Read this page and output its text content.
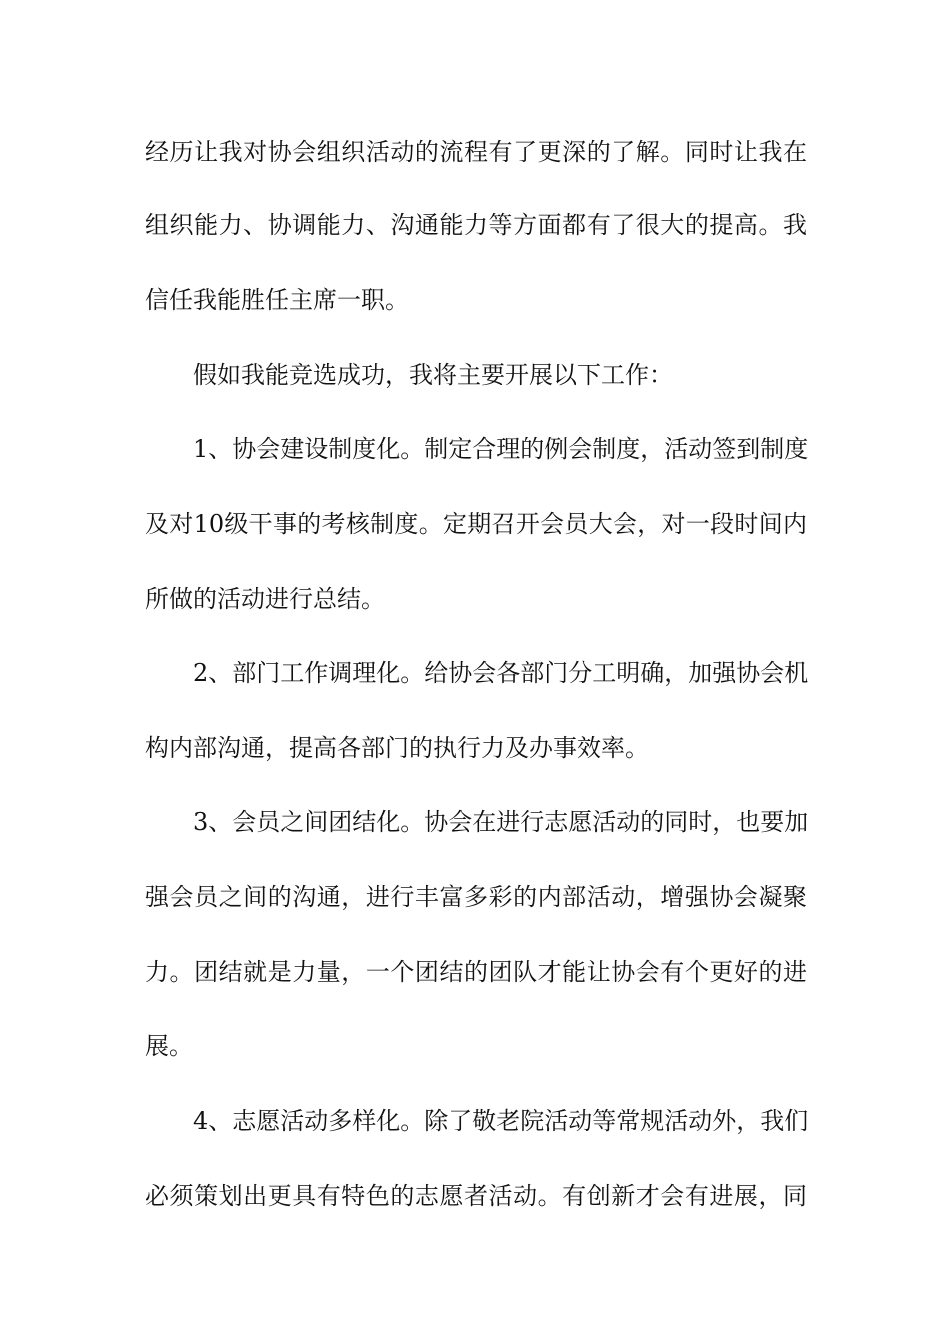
经历让我对协会组织活动的流程有了更深的了解。同时让我在
组织能力、协调能力、沟通能力等方面都有了很大的提高。我
信任我能胜任主席一职。
假如我能竞选成功，我将主要开展以下工作：
1、协会建设制度化。制定合理的例会制度，活动签到制度
及对10级干事的考核制度。定期召开会员大会，对一段时间内
所做的活动进行总结。
2、部门工作调理化。给协会各部门分工明确，加强协会机
构内部沟通，提高各部门的执行力及办事效率。
3、会员之间团结化。协会在进行志愿活动的同时，也要加
强会员之间的沟通，进行丰富多彩的内部活动，增强协会凝聚
力。团结就是力量，一个团结的团队才能让协会有个更好的进
展。
4、志愿活动多样化。除了敬老院活动等常规活动外，我们
必须策划出更具有特色的志愿者活动。有创新才会有进展，同
